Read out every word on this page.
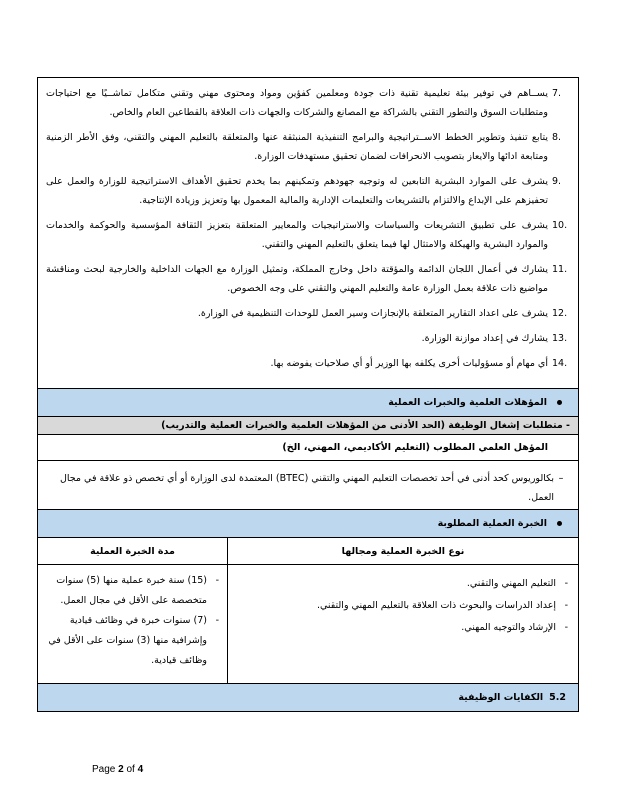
.7
يســاهم في توفير بيئة تعليمية تقنية ذات جودة ومعلمين كفؤين ومواد ومحتوى مهني وتقني متكامل تماشــيًا مع احتياجات ومتطلبات السوق والتطور التقني بالشراكة مع المصانع والشركات والجهات ذات العلاقة بالقطاعين العام والخاص.
.8
يتابع تنفيذ وتطوير الخطط الاســتراتيجية والبرامج التنفيذية المنبثقة عنها والمتعلقة بالتعليم المهني والتقني، وفق الأطر الزمنية ومتابعة ادائها والايعاز بتصويب الانحرافات لضمان تحقيق مستهدفات الوزارة.
.9
يشرف على الموارد البشرية التابعين له وتوجيه جهودهم وتمكينهم بما يخدم تحقيق الأهداف الاستراتيجية للوزارة والعمل على تحفيزهم على الإبداع والالتزام بالتشريعات والتعليمات الإدارية والمالية المعمول بها وتعزيز وزيادة الإنتاجية.
.10
يشرف على تطبيق التشريعات والسياسات والاستراتيجيات والمعايير المتعلقة بتعزيز الثقافة المؤسسية والحوكمة والخدمات والموارد البشرية والهيكلة والامتثال لها فيما يتعلق بالتعليم المهني والتقني.
.11
يشارك في أعمال اللجان الدائمة والمؤقتة داخل وخارج المملكة، وتمثيل الوزارة مع الجهات الداخلية والخارجية لبحث ومناقشة مواضيع ذات علاقة بعمل الوزارة عامة والتعليم المهني والتقني على وجه الخصوص.
.12
يشرف على اعداد التقارير المتعلقة بالإنجازات وسير العمل للوحدات التنظيمية في الوزارة.
.13
يشارك في إعداد موازنة الوزارة.
.14
أي مهام أو مسؤوليات أخرى يكلفه بها الوزير أو أي صلاحيات يفوضه بها.
المؤهلات العلمية والخبرات العملية
- متطلبات إشغال الوظيفة (الحد الأدنى من المؤهلات العلمية والخبرات العملية والتدريب)
المؤهل العلمي المطلوب (التعليم الأكاديمي، المهني، الخ)
–
بكالوريوس كحد أدنى في أحد تخصصات التعليم المهني والتقني (BTEC) المعتمدة لدى الوزارة أو أي تخصص ذو علاقة في مجال العمل.
الخبرة العملية المطلوبة
نوع الخبرة العملية ومجالها
مدة الخبرة العملية
-
التعليم المهني والتقني.
-
إعداد الدراسات والبحوث ذات العلاقة بالتعليم المهني والتقني.
-
الإرشاد والتوجيه المهني.
-
(15) سنة خبرة عملية منها (5) سنوات متخصصة على الأقل في مجال العمل.
-
(7) سنوات خبرة في وظائف قيادية وإشرافية منها (3) سنوات على الأقل في وظائف قيادية.
5.2
الكفايات الوظيفية
Page 2 of 4
